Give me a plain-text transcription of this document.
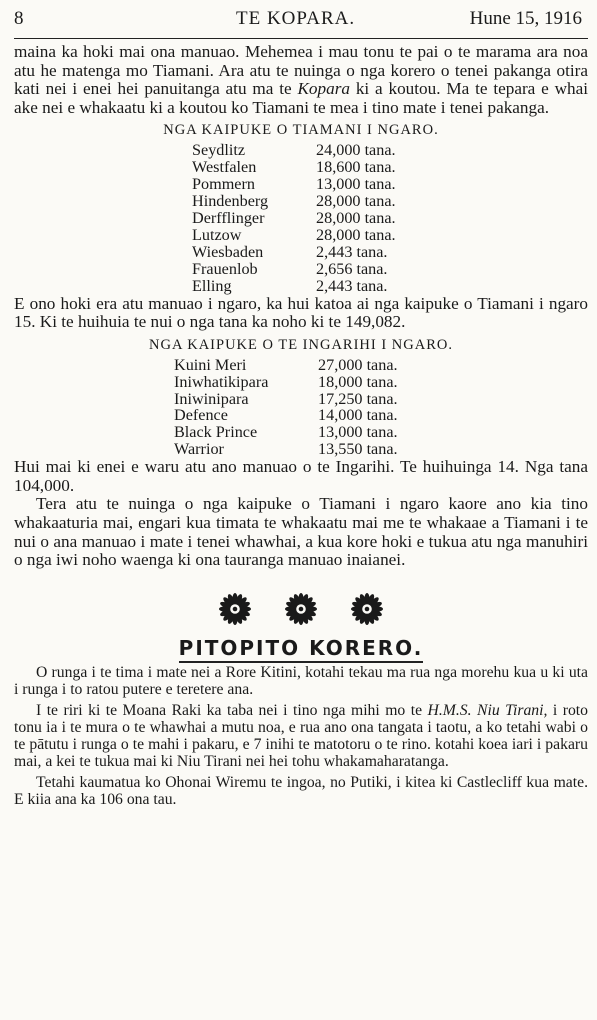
8	TE KOPARA.	Hune 15, 1916

maina ka hoki mai ona manuao. Mehemea i mau tonu te pai o te marama ara noa atu he matenga mo Tiamani. Ara atu te nuinga o nga korero o tenei pakanga otira kati nei i enei hei panuitanga atu ma te Kopara ki a koutou. Ma te tepara e whai ake nei e whakaatu ki a koutou ko Tiamani te mea i tino mate i tenei pakanga.

NGA KAIPUKE O TIAMANI I NGARO.
Seydlitz	24,000 tana.
Westfalen	18,600 tana.
Pommern	13,000 tana.
Hindenberg	28,000 tana.
Derfflinger	28,000 tana.
Lutzow	28,000 tana.
Wiesbaden	2,443 tana.
Frauenlob	2,656 tana.
Elling	2,443 tana.

E ono hoki era atu manuao i ngaro, ka hui katoa ai nga kaipuke o Tiamani i ngaro 15. Ki te huihuia te nui o nga tana ka noho ki te 149,082.

NGA KAIPUKE O TE INGARIHI I NGARO.
Kuini Meri	27,000 tana.
Iniwhatikipara	18,000 tana.
Iniwinipara	17,250 tana.
Defence	14,000 tana.
Black Prince	13,000 tana.
Warrior	13,550 tana.

Hui mai ki enei e waru atu ano manuao o te Ingarihi. Te huihuinga 14. Nga tana 104,000.

Tera atu te nuinga o nga kaipuke o Tiamani i ngaro kaore ano kia tino whakaaturia mai, engari kua timata te whakaatu mai me te whakaae a Tiamani i te nui o ana manuao i mate i tenei whawhai, a kua kore hoki e tukua atu nga manuhiri o nga iwi noho waenga ki ona tauranga manuao inaianei.

PITOPITO KORERO.

O runga i te tima i mate nei a Rore Kitini, kotahi tekau ma rua nga morehu kua u ki uta i runga i to ratou putere e teretere ana.

I te riri ki te Moana Raki ka taba nei i tino nga mihi mo te H.M.S. Niu Tirani, i roto tonu ia i te mura o te whawhai a mutu noa, e rua ano ona tangata i taotu, a ko tetahi wabi o te pātutu i runga o te mahi i pakaru, e 7 inihi te matotoru o te rino. kotahi koea iari i pakaru mai, a kei te tukua mai ki Niu Tirani nei hei tohu whakamaharatanga.

Tetahi kaumatua ko Ohonai Wiremu te ingoa, no Putiki, i kitea ki Castlecliff kua mate. E kiia ana ka 106 ona tau.
